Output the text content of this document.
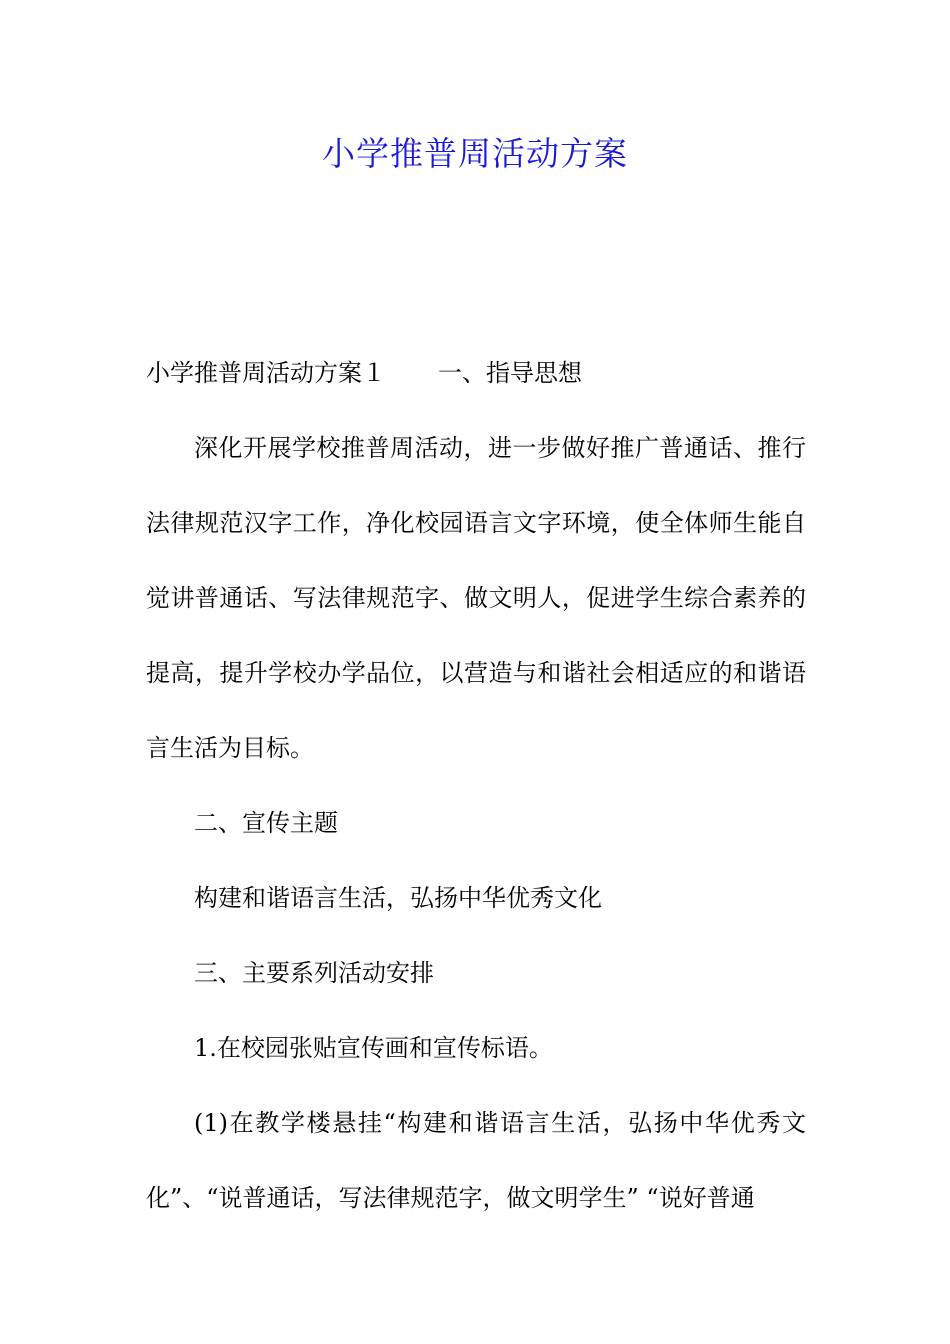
小学推普周活动方案

小学推普周活动方案１ 一、指导思想

深化开展学校推普周活动，进一步做好推广普通话、推行法律规范汉字工作，净化校园语言文字环境，使全体师生能自觉讲普通话、写法律规范字、做文明人，促进学生综合素养的提高，提升学校办学品位，以营造与和谐社会相适应的和谐语言生活为目标。

二、宣传主题

构建和谐语言生活，弘扬中华优秀文化

三、主要系列活动安排

1.在校园张贴宣传画和宣传标语。

(1)在教学楼悬挂“构建和谐语言生活，弘扬中华优秀文化”、“说普通话，写法律规范字，做文明学生” “说好普通
